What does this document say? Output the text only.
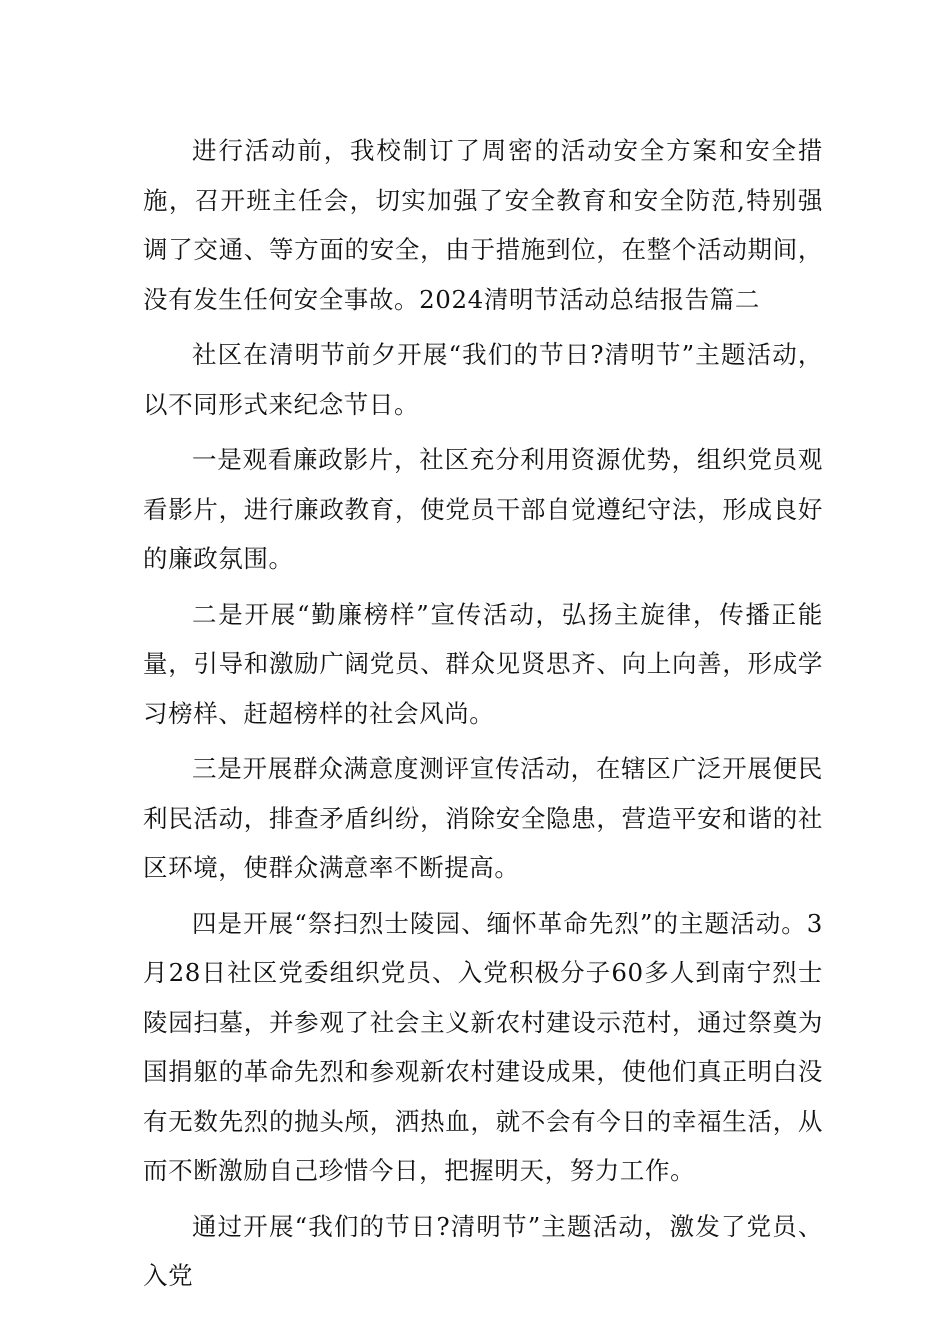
进行活动前，我校制订了周密的活动安全方案和安全措施，召开班主任会，切实加强了安全教育和安全防范,特别强调了交通、等方面的安全，由于措施到位，在整个活动期间，没有发生任何安全事故。2024清明节活动总结报告篇二

社区在清明节前夕开展“我们的节日?清明节”主题活动，以不同形式来纪念节日。

一是观看廉政影片，社区充分利用资源优势，组织党员观看影片，进行廉政教育，使党员干部自觉遵纪守法，形成良好的廉政氛围。

二是开展“勤廉榜样”宣传活动，弘扬主旋律，传播正能量，引导和激励广阔党员、群众见贤思齐、向上向善，形成学习榜样、赶超榜样的社会风尚。

三是开展群众满意度测评宣传活动，在辖区广泛开展便民利民活动，排查矛盾纠纷，消除安全隐患，营造平安和谐的社区环境，使群众满意率不断提高。

四是开展“祭扫烈士陵园、缅怀革命先烈”的主题活动。3月28日社区党委组织党员、入党积极分子60多人到南宁烈士陵园扫墓，并参观了社会主义新农村建设示范村，通过祭奠为国捐躯的革命先烈和参观新农村建设成果，使他们真正明白没有无数先烈的抛头颅，洒热血，就不会有今日的幸福生活，从而不断激励自己珍惜今日，把握明天，努力工作。

通过开展“我们的节日?清明节”主题活动，激发了党员、入党
